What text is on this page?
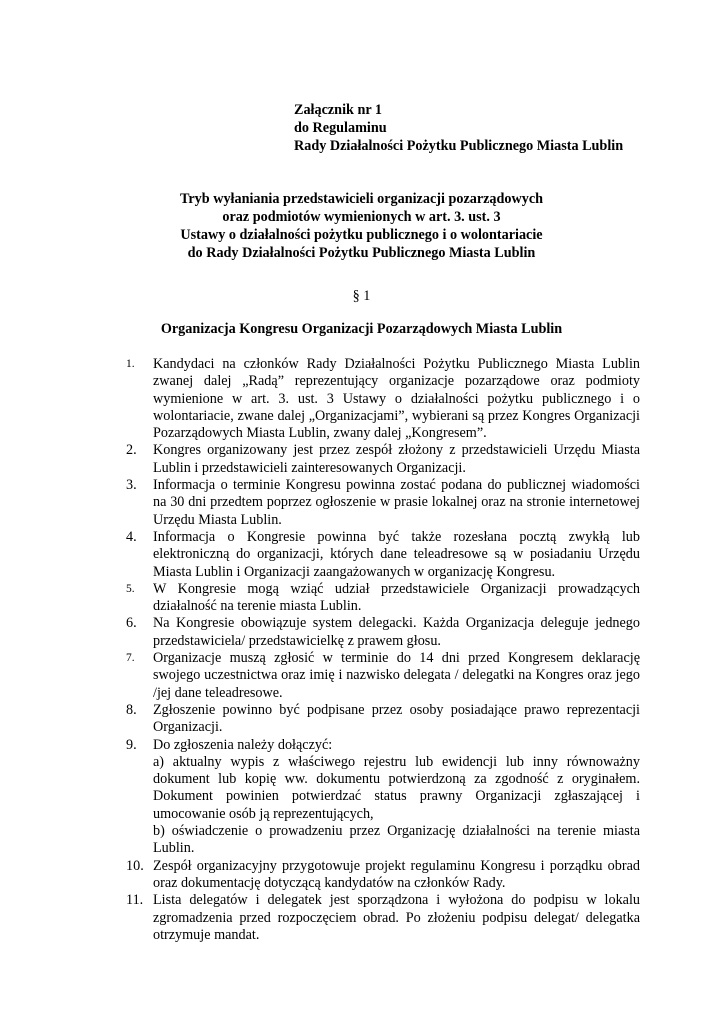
Załącznik nr 1
do Regulaminu
Rady Działalności Pożytku Publicznego Miasta Lublin
Tryb wyłaniania przedstawicieli organizacji pozarządowych
oraz podmiotów wymienionych w art. 3. ust. 3
Ustawy o działalności pożytku publicznego i o wolontariacie
do Rady Działalności Pożytku Publicznego Miasta Lublin
§ 1
Organizacja Kongresu Organizacji Pozarządowych Miasta Lublin
1.	Kandydaci na członków Rady Działalności Pożytku Publicznego Miasta Lublin zwanej dalej „Radą” reprezentujący organizacje pozarządowe oraz podmioty wymienione w art. 3. ust. 3 Ustawy o działalności pożytku publicznego i o wolontariacie, zwane dalej „Organizacjami”, wybierani są przez Kongres Organizacji Pozarządowych Miasta Lublin, zwany dalej „Kongresem”.
2.	Kongres organizowany jest przez zespół złożony z przedstawicieli Urzędu Miasta Lublin i przedstawicieli zainteresowanych Organizacji.
3.	Informacja o terminie Kongresu powinna zostać podana do publicznej wiadomości na 30 dni przedtem poprzez ogłoszenie w prasie lokalnej oraz na stronie internetowej Urzędu Miasta Lublin.
4.	Informacja o Kongresie powinna być także rozesłana pocztą zwykłą lub elektroniczną do organizacji, których dane teleadresowe są w posiadaniu Urzędu Miasta Lublin i Organizacji zaangażowanych w organizację Kongresu.
5.	W Kongresie mogą wziąć udział przedstawiciele Organizacji prowadzących działalność na terenie miasta Lublin.
6.	Na Kongresie obowiązuje system delegacki. Każda Organizacja deleguje jednego przedstawiciela/ przedstawicielkę z prawem głosu.
7.	Organizacje muszą zgłosić w terminie do 14 dni przed Kongresem deklarację swojego uczestnictwa oraz imię i nazwisko delegata / delegatki na Kongres oraz jego /jej dane teleadresowe.
8.	Zgłoszenie powinno być podpisane przez osoby posiadające prawo reprezentacji Organizacji.
9.	Do zgłoszenia należy dołączyć:
a) aktualny wypis z właściwego rejestru lub ewidencji lub inny równoważny dokument lub kopię ww. dokumentu potwierdzoną za zgodność z oryginałem. Dokument powinien potwierdzać status prawny Organizacji zgłaszającej i umocowanie osób ją reprezentujących,
b) oświadczenie o prowadzeniu przez Organizację działalności na terenie miasta Lublin.
10. Zespół organizacyjny przygotowuje projekt regulaminu Kongresu i porządku obrad oraz dokumentację dotyczącą kandydatów na członków Rady.
11. Lista delegatów i delegatek jest sporządzona i wyłożona do podpisu w lokalu zgromadzenia przed rozpoczęciem obrad. Po złożeniu podpisu delegat/ delegatka otrzymuje mandat.
